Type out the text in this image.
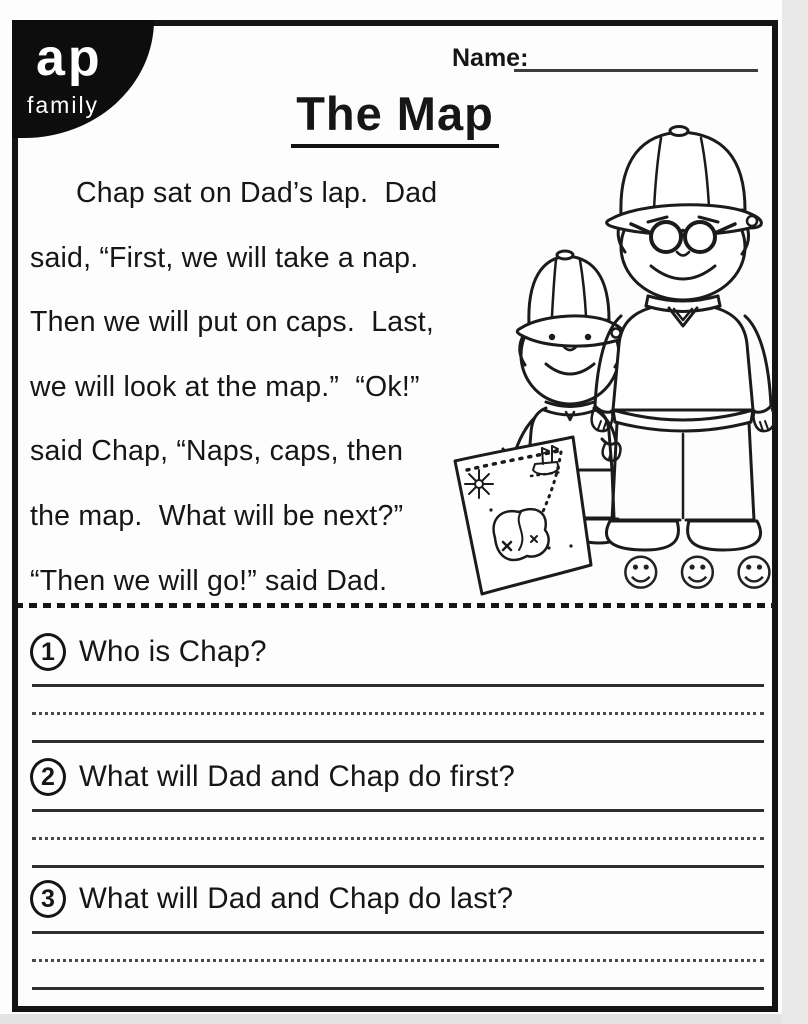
ap
family
Name:
The Map
Chap sat on Dad’s lap.  Dad
said, “First, we will take a nap.
Then we will put on caps.  Last,
we will look at the map.”  “Ok!”
said Chap, “Naps, caps, then
the map.  What will be next?”
“Then we will go!” said Dad.	☺ ☺ ☺
1 Who is Chap?
2 What will Dad and Chap do first?
3 What will Dad and Chap do last?
